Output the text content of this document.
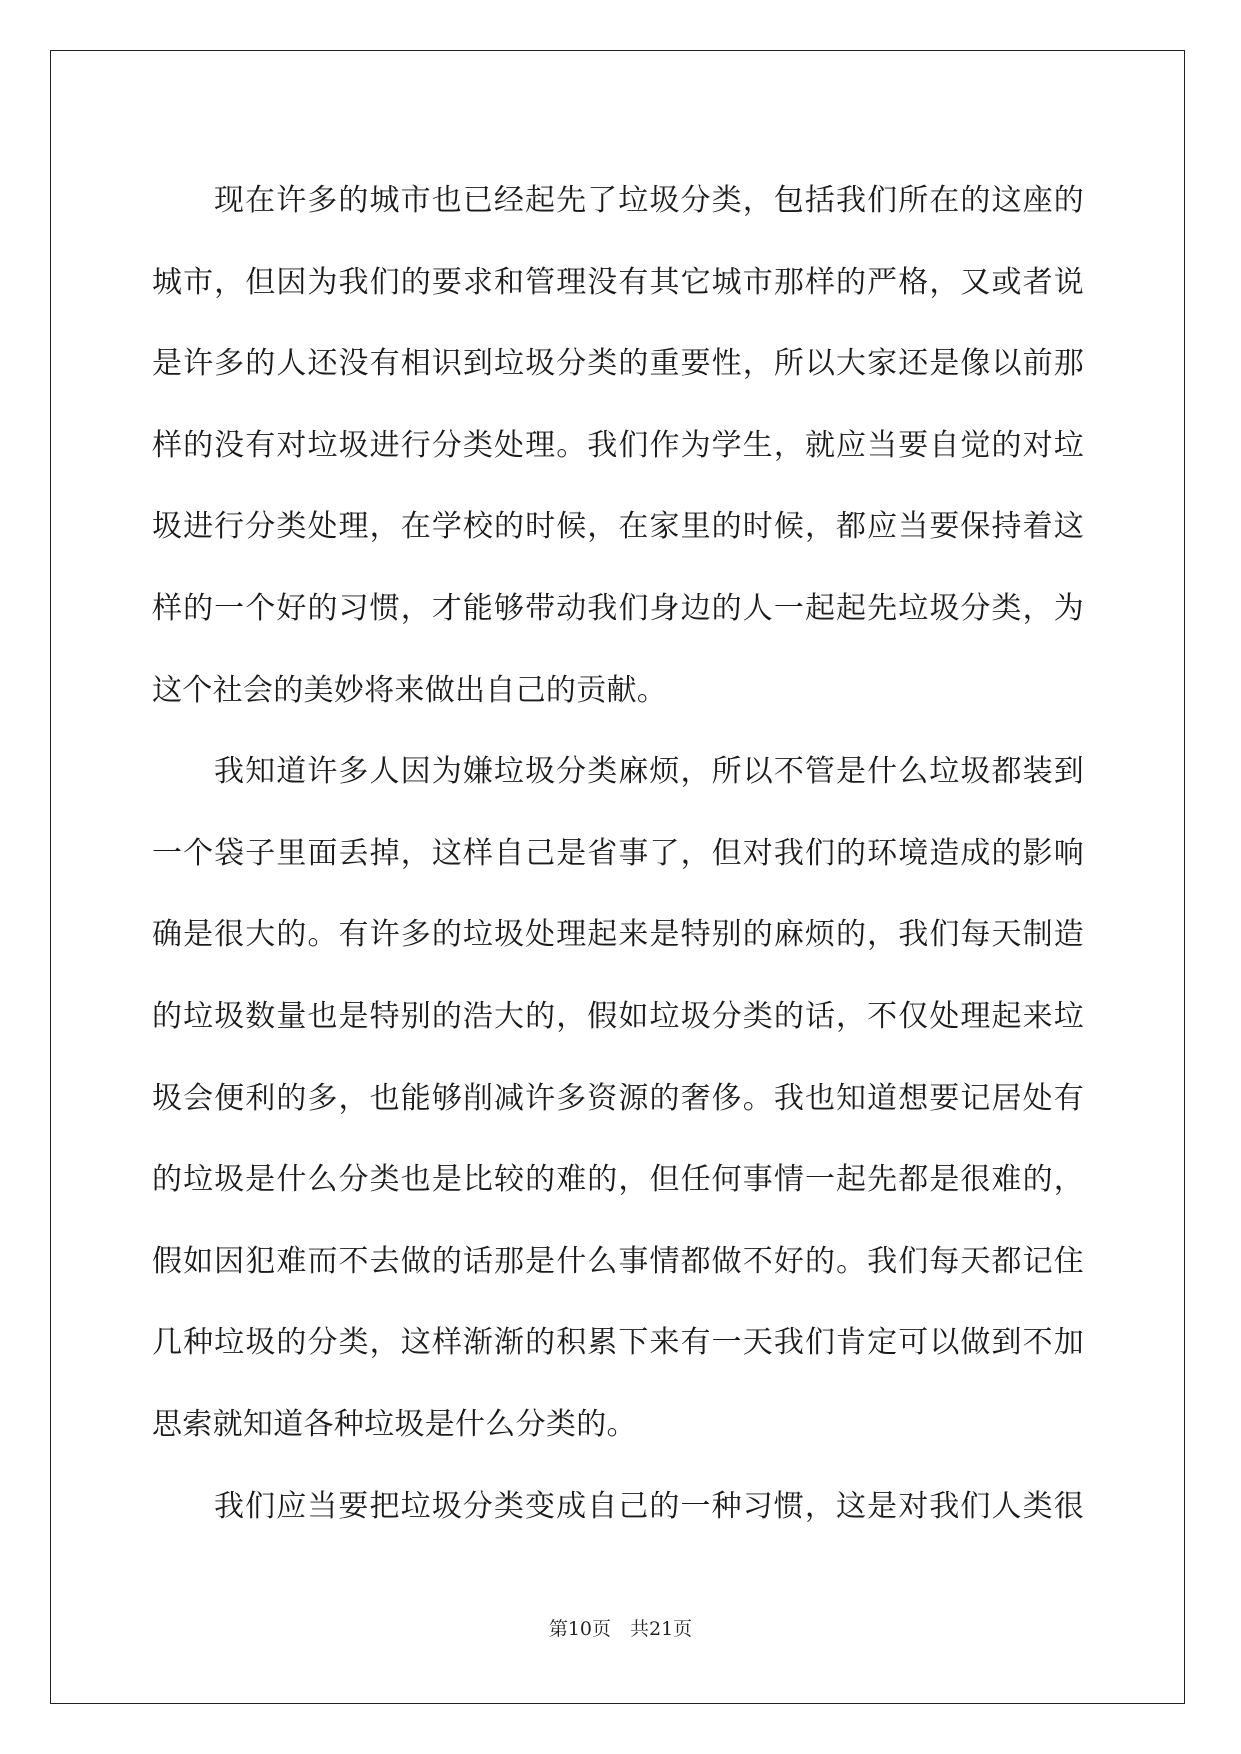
现在许多的城市也已经起先了垃圾分类，包括我们所在的这座的
城市，但因为我们的要求和管理没有其它城市那样的严格，又或者说
是许多的人还没有相识到垃圾分类的重要性，所以大家还是像以前那
样的没有对垃圾进行分类处理。我们作为学生，就应当要自觉的对垃
圾进行分类处理，在学校的时候，在家里的时候，都应当要保持着这
样的一个好的习惯，才能够带动我们身边的人一起起先垃圾分类，为
这个社会的美妙将来做出自己的贡献。
我知道许多人因为嫌垃圾分类麻烦，所以不管是什么垃圾都装到
一个袋子里面丢掉，这样自己是省事了，但对我们的环境造成的影响
确是很大的。有许多的垃圾处理起来是特别的麻烦的，我们每天制造
的垃圾数量也是特别的浩大的，假如垃圾分类的话，不仅处理起来垃
圾会便利的多，也能够削减许多资源的奢侈。我也知道想要记居处有
的垃圾是什么分类也是比较的难的，但任何事情一起先都是很难的，
假如因犯难而不去做的话那是什么事情都做不好的。我们每天都记住
几种垃圾的分类，这样渐渐的积累下来有一天我们肯定可以做到不加
思索就知道各种垃圾是什么分类的。
我们应当要把垃圾分类变成自己的一种习惯，这是对我们人类很
第10页　共21页
